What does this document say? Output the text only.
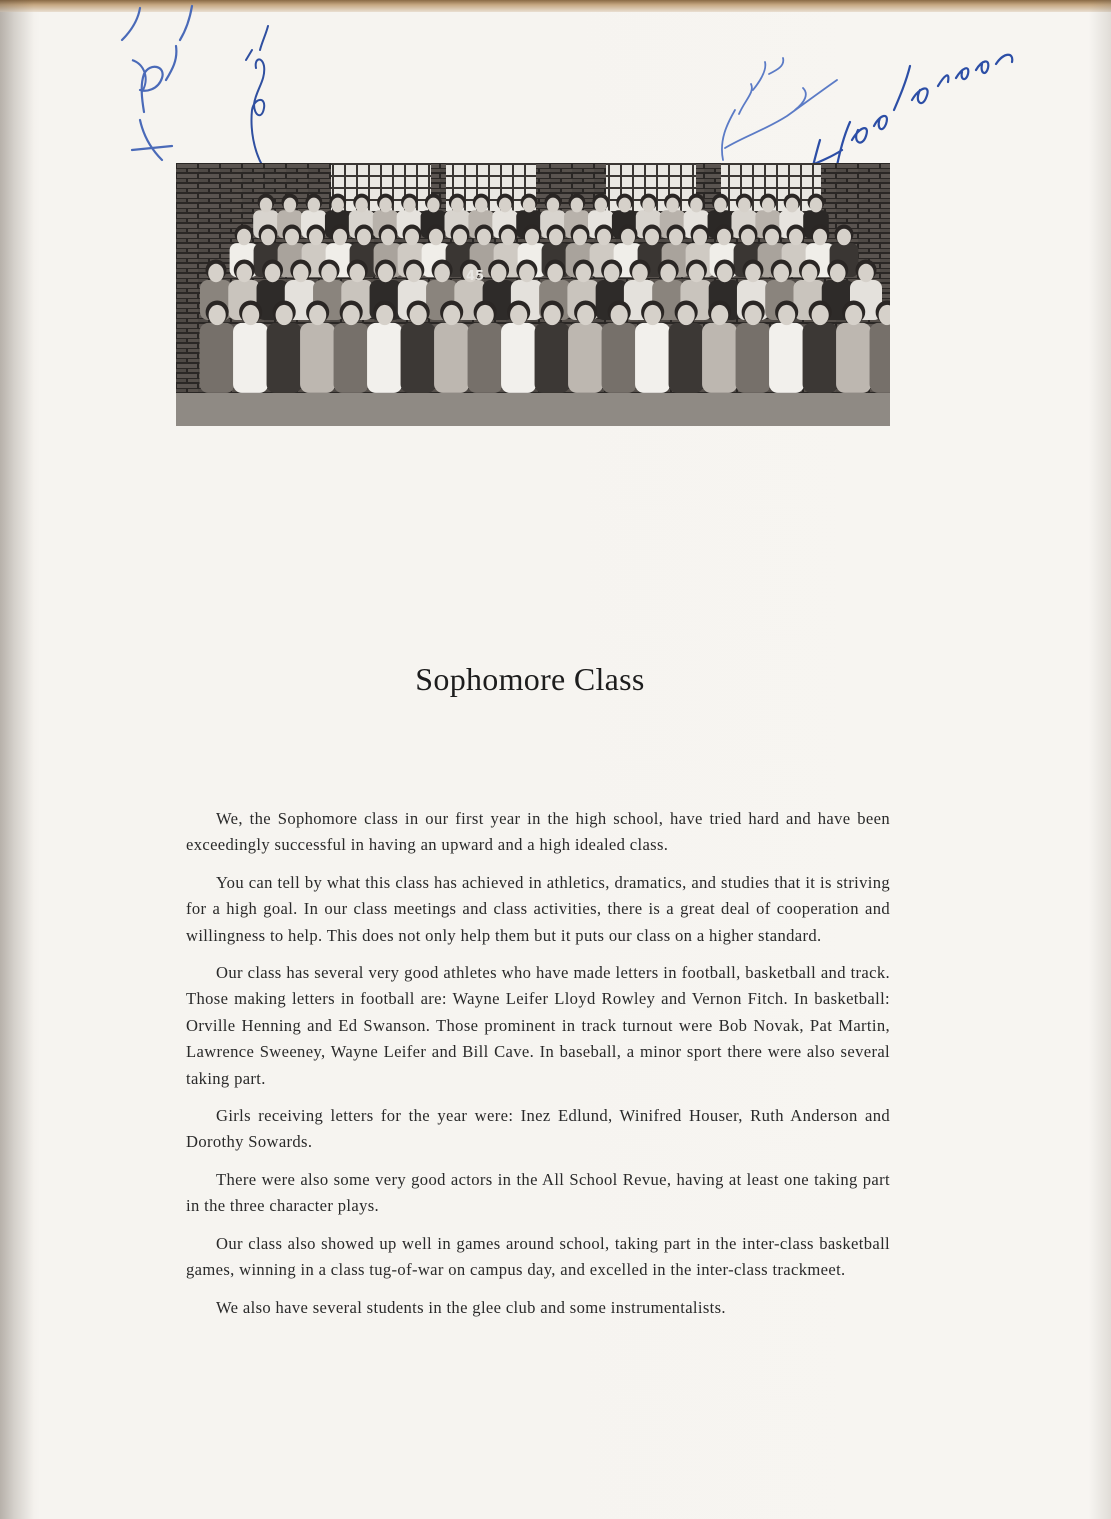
45
Sophomore Class

We, the Sophomore class in our first year in the high school, have tried hard and have been exceedingly successful in having an upward and a high idealed class.

You can tell by what this class has achieved in athletics, dramatics, and studies that it is striving for a high goal. In our class meetings and class activities, there is a great deal of cooperation and willingness to help. This does not only help them but it puts our class on a higher standard.

Our class has several very good athletes who have made letters in football, basketball and track. Those making letters in football are: Wayne Leifer Lloyd Rowley and Vernon Fitch. In basketball: Orville Henning and Ed Swanson. Those prominent in track turnout were Bob Novak, Pat Martin, Lawrence Sweeney, Wayne Leifer and Bill Cave. In baseball, a minor sport there were also several taking part.

Girls receiving letters for the year were: Inez Edlund, Winifred Houser, Ruth Anderson and Dorothy Sowards.

There were also some very good actors in the All School Revue, having at least one taking part in the three character plays.

Our class also showed up well in games around school, taking part in the inter-class basketball games, winning in a class tug-of-war on campus day, and excelled in the inter-class trackmeet.

We also have several students in the glee club and some instrumentalists.
